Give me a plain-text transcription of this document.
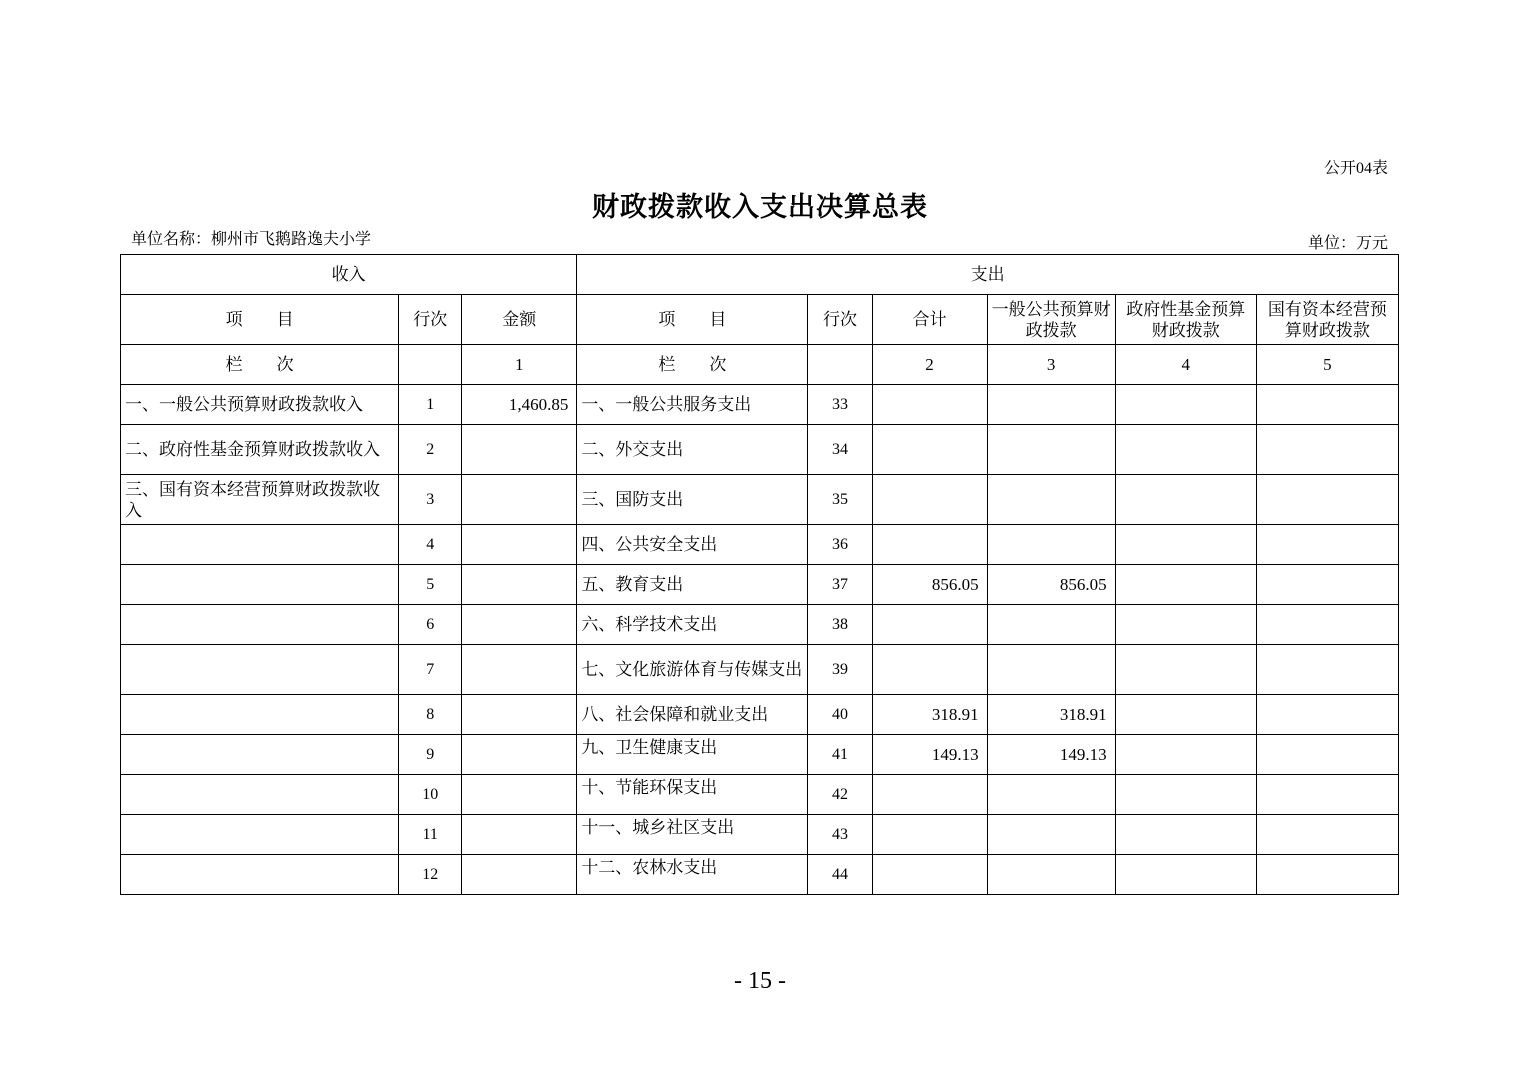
公开04表
财政拨款收入支出决算总表
单位名称：柳州市飞鹅路逸夫小学	单位：万元
收入			支出					
项　　目	行次	金额	项　　目	行次	合计	一般公共预算财政拨款	政府性基金预算财政拨款	国有资本经营预算财政拨款
栏　　次		1	栏　　次		2	3	4	5
一、一般公共预算财政拨款收入	1	1,460.85	一、一般公共服务支出	33				
二、政府性基金预算财政拨款收入	2		二、外交支出	34				
三、国有资本经营预算财政拨款收入	3		三、国防支出	35				
	4		四、公共安全支出	36				
	5		五、教育支出	37	856.05	856.05		
	6		六、科学技术支出	38				
	7		七、文化旅游体育与传媒支出	39				
	8		八、社会保障和就业支出	40	318.91	318.91		
	9		九、卫生健康支出	41	149.13	149.13		
	10		十、节能环保支出	42				
	11		十一、城乡社区支出	43				
	12		十二、农林水支出	44				
- 15 -
